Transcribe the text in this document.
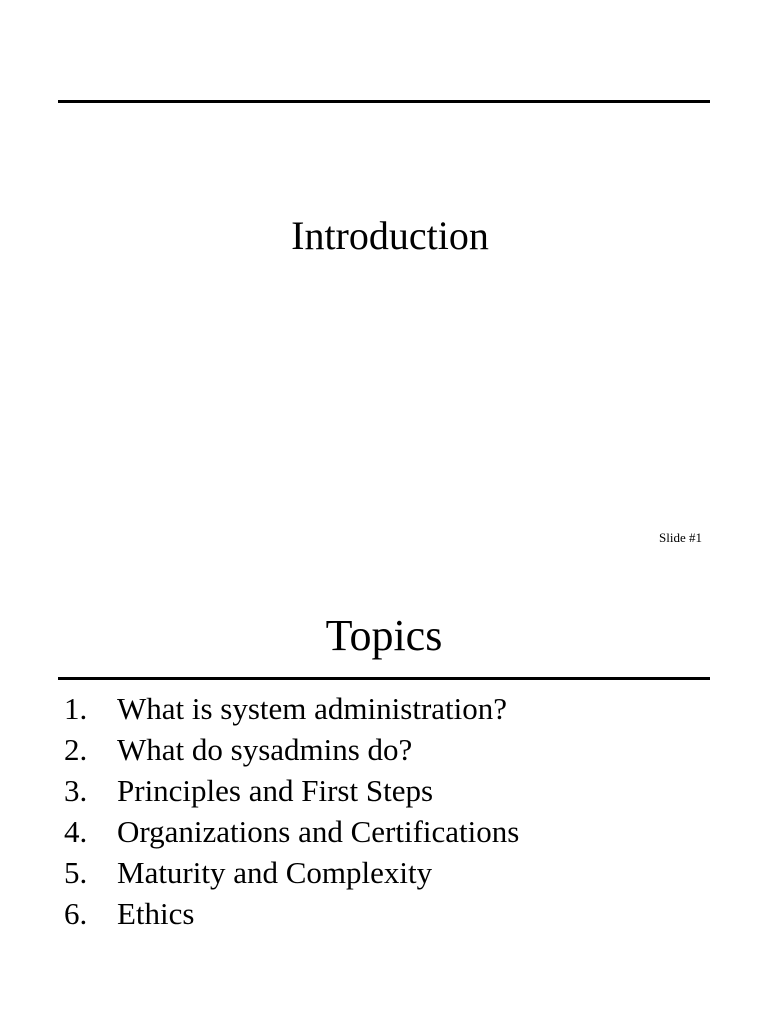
Introduction
Slide #1
Topics
1. What is system administration?
2. What do sysadmins do?
3. Principles and First Steps
4. Organizations and Certifications
5. Maturity and Complexity
6. Ethics
